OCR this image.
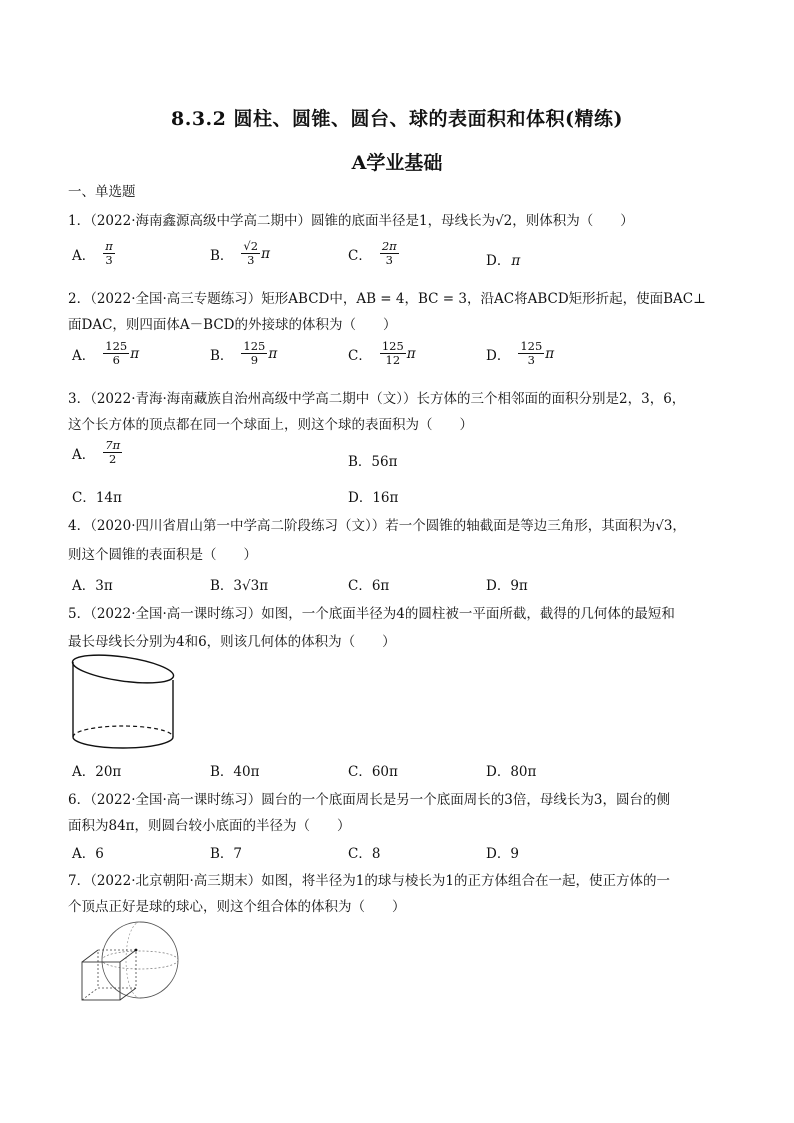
8.3.2 圆柱、圆锥、圆台、球的表面积和体积(精练)
A学业基础
一、单选题
1．（2022·海南鑫源高级中学高二期中）圆锥的底面半径是1，母线长为√2，则体积为（　　）
A． $\frac{\pi}{3}$	B． $\frac{√2}{3}$ π	C． $\frac{2\pi}{3}$	D．π
2．（2022·全国·高三专题练习）矩形ABCD中，AB = 4，BC = 3，沿AC将ABCD矩形折起，使面BAC⊥
面DAC，则四面体A－BCD的外接球的体积为（　　）
A． $\frac{125}{6}$ π	B． $\frac{125}{9}$ π	C． $\frac{125}{12}$ π	D． $\frac{125}{3}$ π
3．（2022·青海·海南藏族自治州高级中学高二期中（文））长方体的三个相邻面的面积分别是2，3，6，
这个长方体的顶点都在同一个球面上，则这个球的表面积为（　　）
A． $\frac{7\pi}{2}$	B．56π
C．14π	D．16π
4．（2020·四川省眉山第一中学高二阶段练习（文））若一个圆锥的轴截面是等边三角形，其面积为√3，
则这个圆锥的表面积是（　　）
A．3π	B．3√3π	C．6π	D．9π
5．（2022·全国·高一课时练习）如图，一个底面半径为4的圆柱被一平面所截，截得的几何体的最短和
最长母线长分别为4和6，则该几何体的体积为（　　）
A．20π	B．40π	C．60π	D．80π
6．（2022·全国·高一课时练习）圆台的一个底面周长是另一个底面周长的3倍，母线长为3，圆台的侧
面积为84π，则圆台较小底面的半径为（　　）
A．6	B．7	C．8	D．9
7．（2022·北京朝阳·高三期末）如图，将半径为1的球与棱长为1的正方体组合在一起，使正方体的一
个顶点正好是球的球心，则这个组合体的体积为（　　）
